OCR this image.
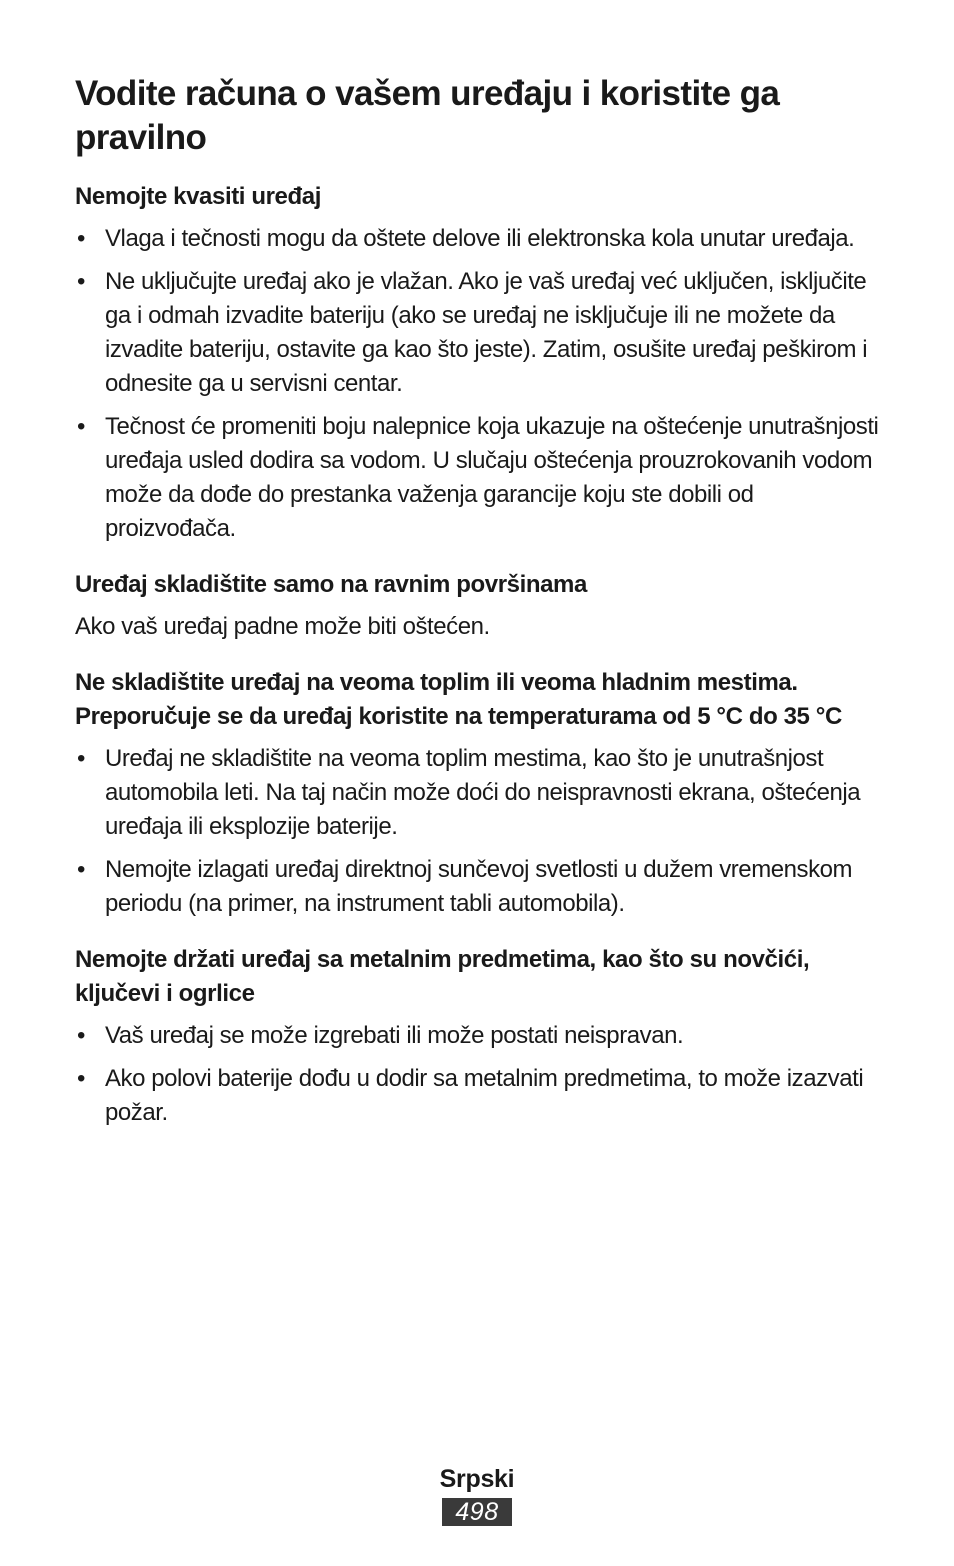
Vodite računa o vašem uređaju i koristite ga pravilno
Nemojte kvasiti uređaj
• Vlaga i tečnosti mogu da oštete delove ili elektronska kola unutar uređaja.
• Ne uključujte uređaj ako je vlažan. Ako je vaš uređaj već uključen, isključite ga i odmah izvadite bateriju (ako se uređaj ne isključuje ili ne možete da izvadite bateriju, ostavite ga kao što jeste). Zatim, osušite uređaj peškirom i odnesite ga u servisni centar.
• Tečnost će promeniti boju nalepnice koja ukazuje na oštećenje unutrašnjosti uređaja usled dodira sa vodom. U slučaju oštećenja prouzrokovanih vodom može da dođe do prestanka važenja garancije koju ste dobili od proizvođača.
Uređaj skladištite samo na ravnim površinama
Ako vaš uređaj padne može biti oštećen.
Ne skladištite uređaj na veoma toplim ili veoma hladnim mestima. Preporučuje se da uređaj koristite na temperaturama od 5 °C do 35 °C
• Uređaj ne skladištite na veoma toplim mestima, kao što je unutrašnjost automobila leti. Na taj način može doći do neispravnosti ekrana, oštećenja uređaja ili eksplozije baterije.
• Nemojte izlagati uređaj direktnoj sunčevoj svetlosti u dužem vremenskom periodu (na primer, na instrument tabli automobila).
Nemojte držati uređaj sa metalnim predmetima, kao što su novčići, ključevi i ogrlice
• Vaš uređaj se može izgrebati ili može postati neispravan.
• Ako polovi baterije dođu u dodir sa metalnim predmetima, to može izazvati požar.
Srpski
498
